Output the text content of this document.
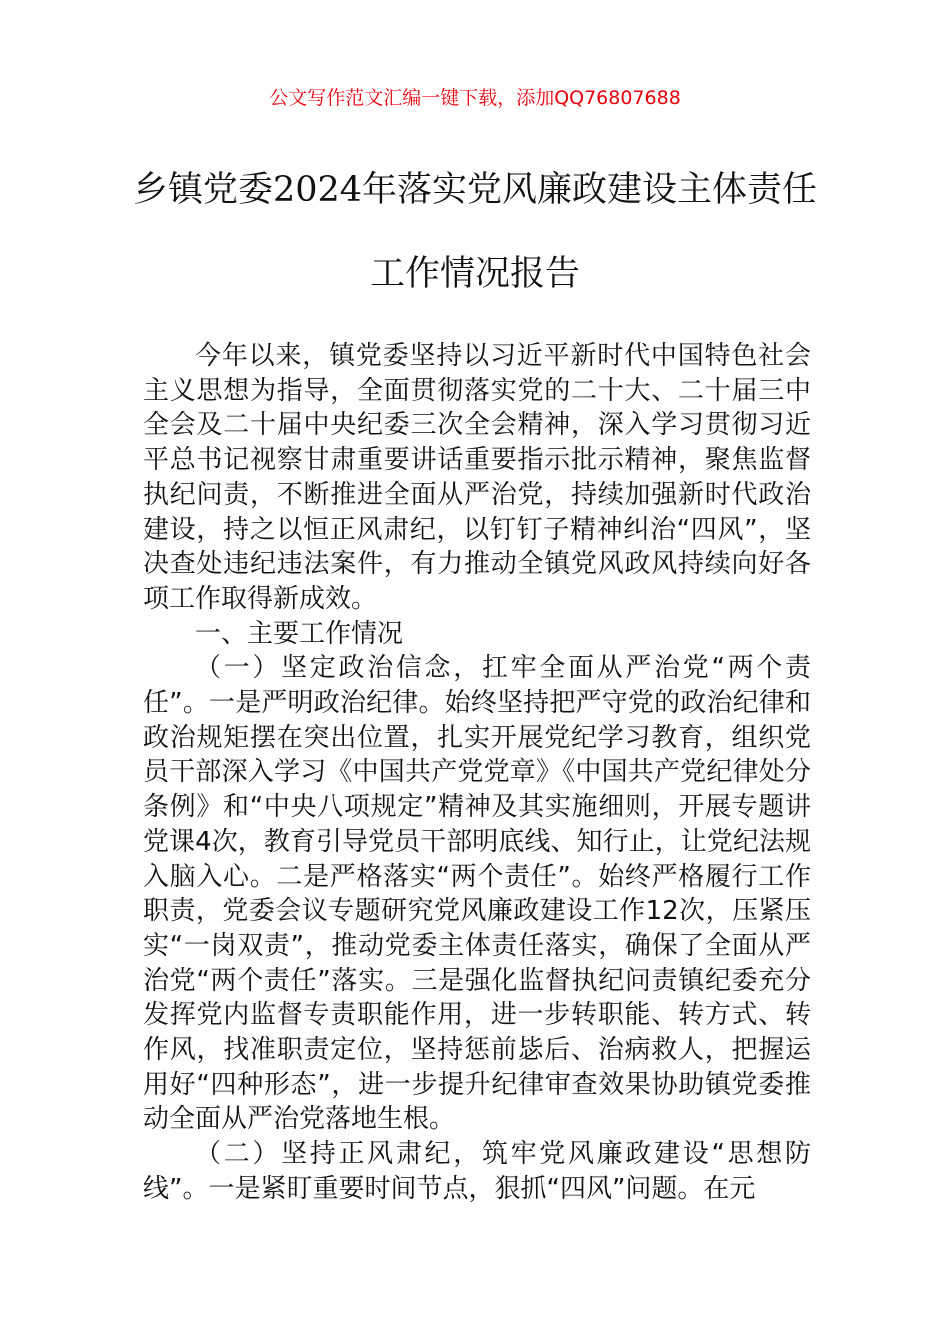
公文写作范文汇编一键下载，添加QQ76807688
乡镇党委2024年落实党风廉政建设主体责任工作情况报告

今年以来，镇党委坚持以习近平新时代中国特色社会主义思想为指导，全面贯彻落实党的二十大、二十届三中全会及二十届中央纪委三次全会精神，深入学习贯彻习近平总书记视察甘肃重要讲话重要指示批示精神，聚焦监督执纪问责，不断推进全面从严治党，持续加强新时代政治建设，持之以恒正风肃纪，以钉钉子精神纠治“四风”，坚决查处违纪违法案件，有力推动全镇党风政风持续向好各项工作取得新成效。

一、主要工作情况

（一）坚定政治信念，扛牢全面从严治党“两个责任”。一是严明政治纪律。始终坚持把严守党的政治纪律和政治规矩摆在突出位置，扎实开展党纪学习教育，组织党员干部深入学习《中国共产党党章》《中国共产党纪律处分条例》和“中央八项规定”精神及其实施细则，开展专题讲党课4次，教育引导党员干部明底线、知行止，让党纪法规入脑入心。二是严格落实“两个责任”。始终严格履行工作职责，党委会议专题研究党风廉政建设工作12次，压紧压实“一岗双责”，推动党委主体责任落实，确保了全面从严治党“两个责任”落实。三是强化监督执纪问责镇纪委充分发挥党内监督专责职能作用，进一步转职能、转方式、转作风，找准职责定位，坚持惩前毖后、治病救人，把握运用好“四种形态”，进一步提升纪律审查效果协助镇党委推动全面从严治党落地生根。

（二）坚持正风肃纪，筑牢党风廉政建设“思想防线”。一是紧盯重要时间节点，狠抓“四风”问题。在元
